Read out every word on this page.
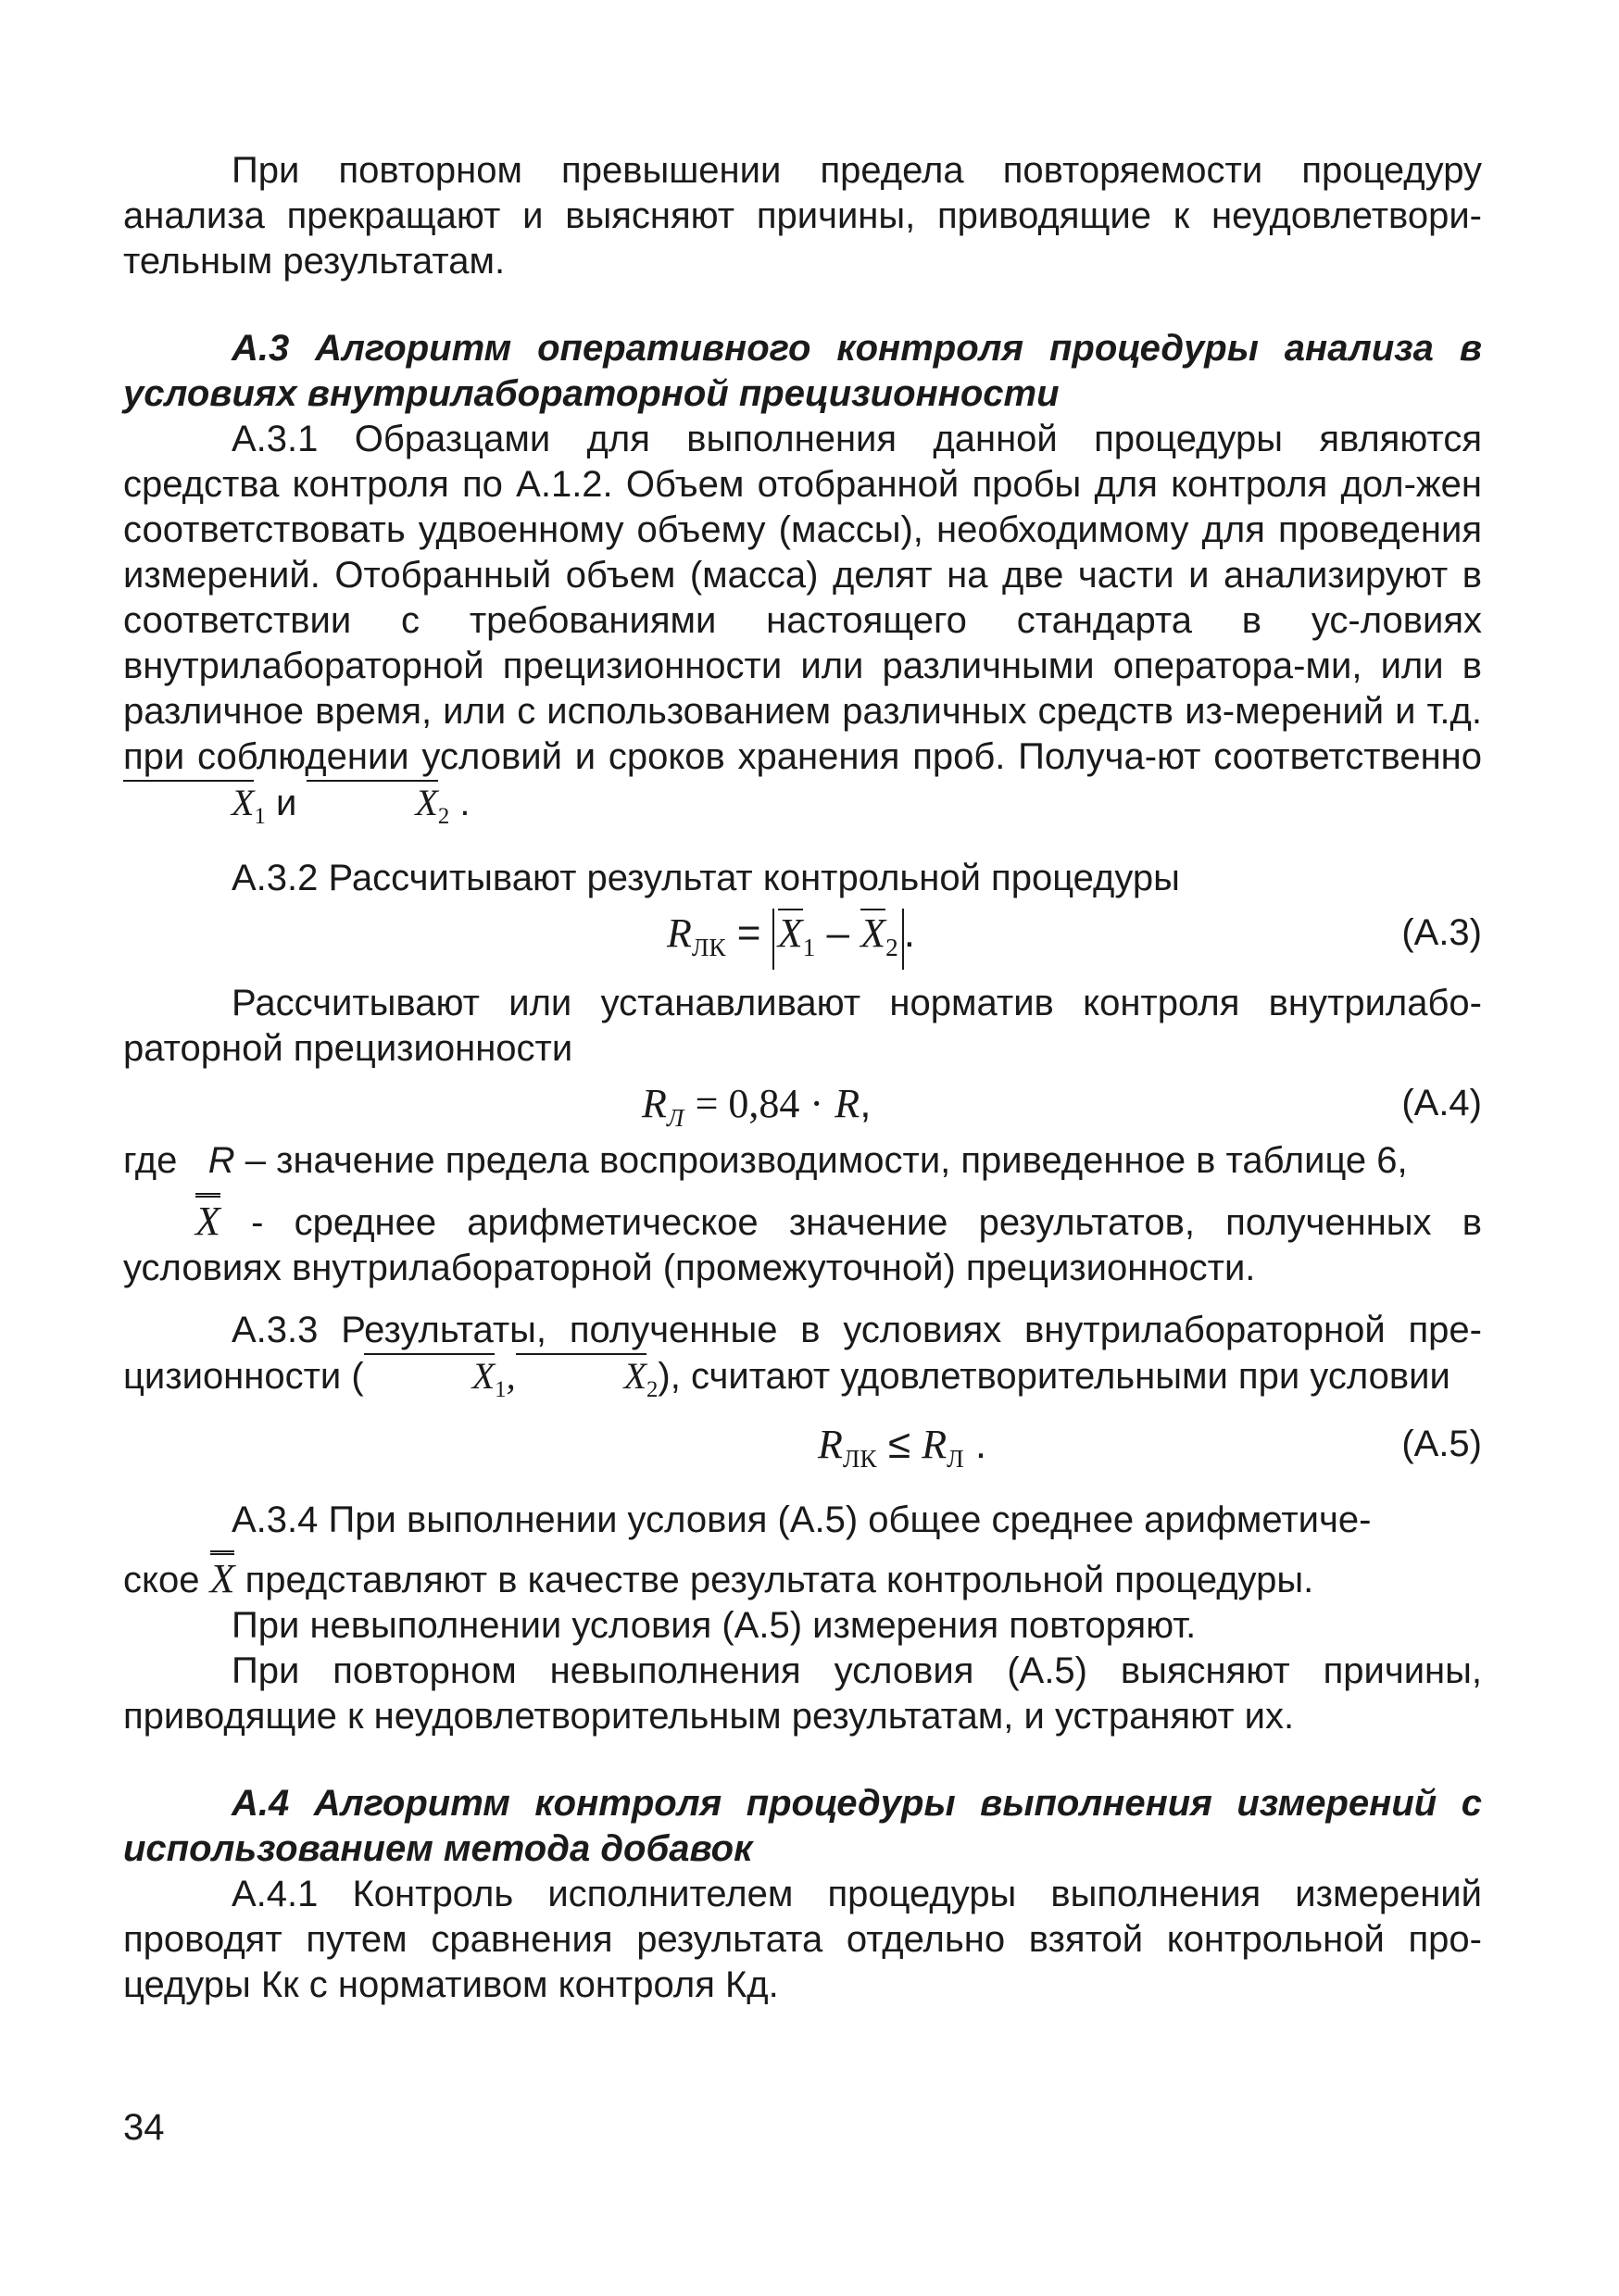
При повторном превышении предела повторяемости процедуру анализа прекращают и выясняют причины, приводящие к неудовлетвори-тельным результатам.

А.3 Алгоритм оперативного контроля процедуры анализа в условиях внутрилабораторной прецизионности

А.3.1 Образцами для выполнения данной процедуры являются средства контроля по А.1.2. Объем отобранной пробы для контроля дол-жен соответствовать удвоенному объему (массы), необходимому для проведения измерений. Отобранный объем (масса) делят на две части и анализируют в соответствии с требованиями настоящего стандарта в ус-ловиях внутрилабораторной прецизионности или различными оператора-ми, или в различное время, или с использованием различных средств из-мерений и т.д. при соблюдении условий и сроков хранения проб. Получа-ют соответственно $X_1$ и	$X_2$ .

А.3.2 Рассчитывают результат контрольной процедуры

$R_{ЛК} = X_1 - X_2$ .	(А.3)

Рассчитывают или устанавливают норматив контроля внутрилабо-раторной прецизионности

$R_Л = 0,84 \cdot R$,	(А.4)

где R – значение предела воспроизводимости, приведенное в таблице 6,

X - среднее арифметическое значение результатов, полученных в условиях внутрилабораторной (промежуточной) прецизионности.

А.3.3 Результаты, полученные в условиях внутрилабораторной пре-цизионности (	$X_1$,	$X_2$), считают удовлетворительными при условии

$R_{ЛК} \le R_Л$ .	(А.5)

А.3.4 При выполнении условия (А.5) общее среднее арифметиче-

ское X представляют в качестве результата контрольной процедуры.

При невыполнении условия (А.5) измерения повторяют.

При повторном невыполнения условия (А.5) выясняют причины, приводящие к неудовлетворительным результатам, и устраняют их.

А.4 Алгоритм контроля процедуры выполнения измерений с использованием метода добавок

А.4.1 Контроль исполнителем процедуры выполнения измерений проводят путем сравнения результата отдельно взятой контрольной про-цедуры Кк с нормативом контроля Кд.

34
